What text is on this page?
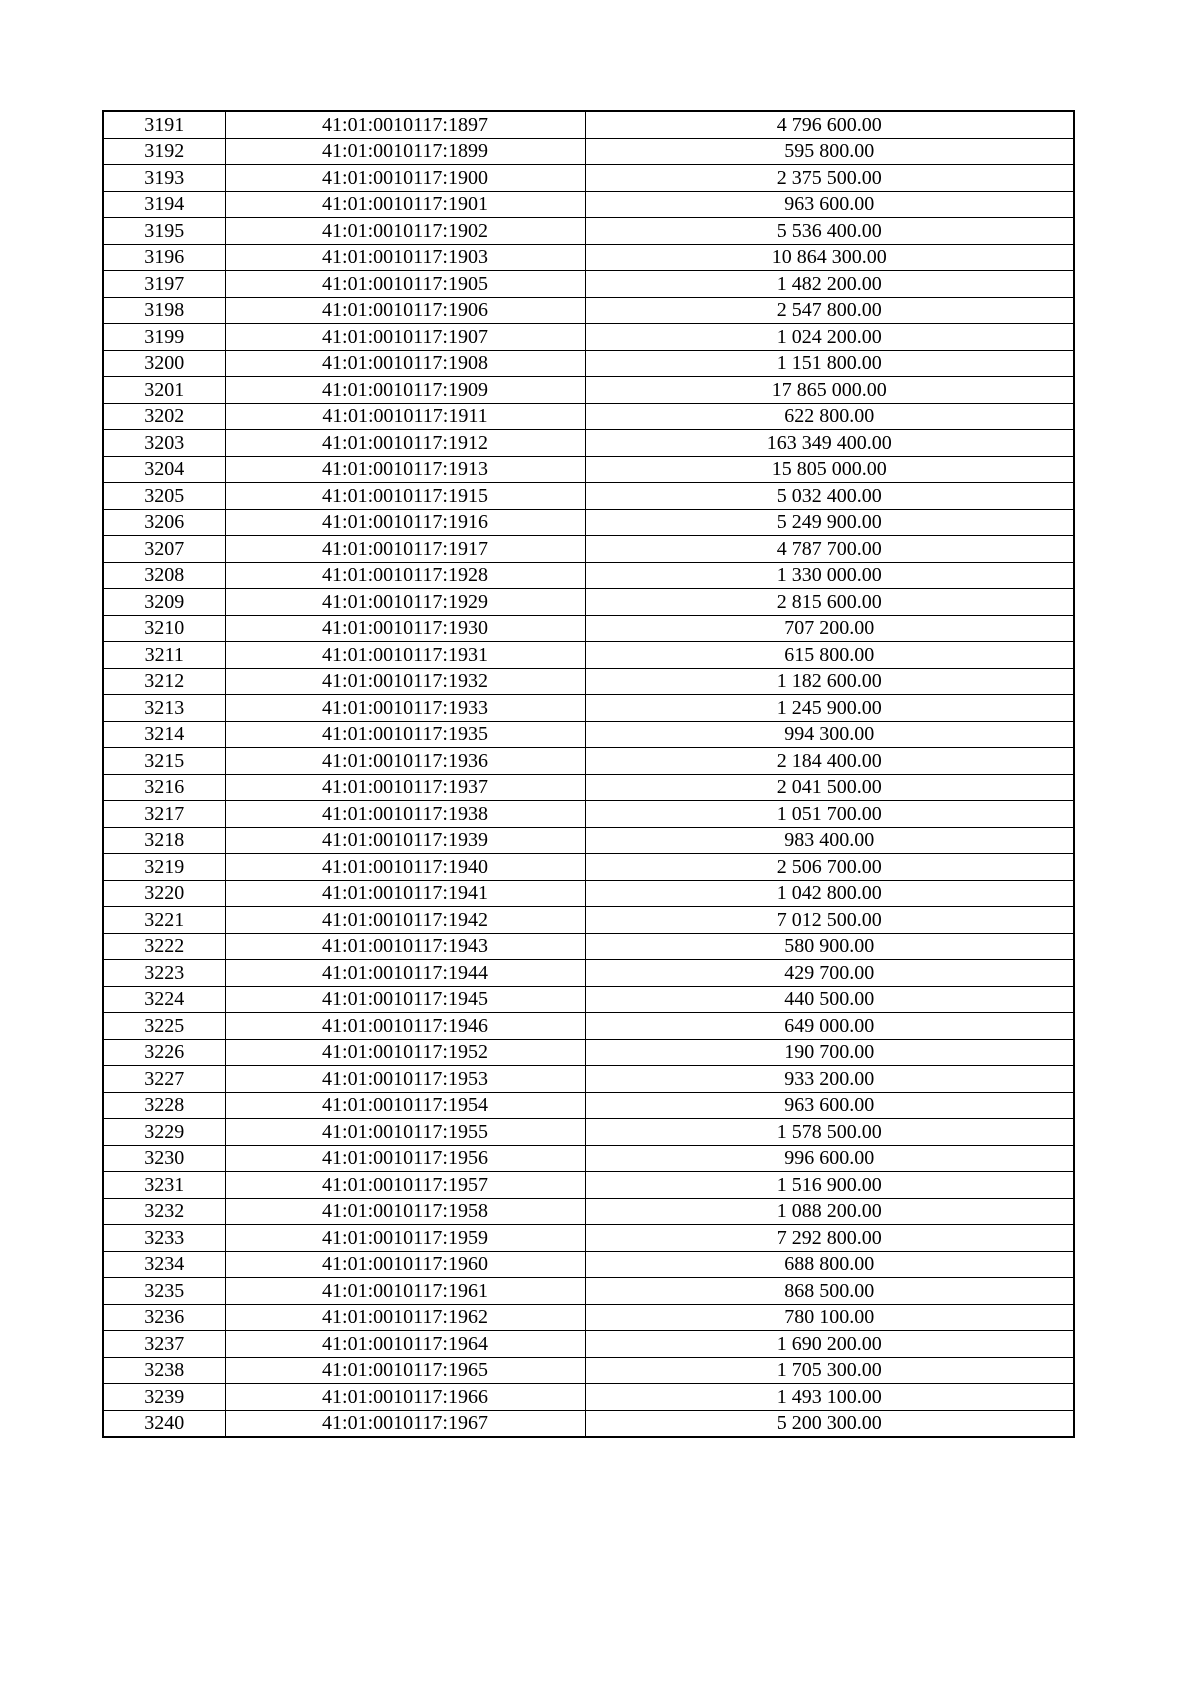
3191	41:01:0010117:1897	4 796 600.00
3192	41:01:0010117:1899	595 800.00
3193	41:01:0010117:1900	2 375 500.00
3194	41:01:0010117:1901	963 600.00
3195	41:01:0010117:1902	5 536 400.00
3196	41:01:0010117:1903	10 864 300.00
3197	41:01:0010117:1905	1 482 200.00
3198	41:01:0010117:1906	2 547 800.00
3199	41:01:0010117:1907	1 024 200.00
3200	41:01:0010117:1908	1 151 800.00
3201	41:01:0010117:1909	17 865 000.00
3202	41:01:0010117:1911	622 800.00
3203	41:01:0010117:1912	163 349 400.00
3204	41:01:0010117:1913	15 805 000.00
3205	41:01:0010117:1915	5 032 400.00
3206	41:01:0010117:1916	5 249 900.00
3207	41:01:0010117:1917	4 787 700.00
3208	41:01:0010117:1928	1 330 000.00
3209	41:01:0010117:1929	2 815 600.00
3210	41:01:0010117:1930	707 200.00
3211	41:01:0010117:1931	615 800.00
3212	41:01:0010117:1932	1 182 600.00
3213	41:01:0010117:1933	1 245 900.00
3214	41:01:0010117:1935	994 300.00
3215	41:01:0010117:1936	2 184 400.00
3216	41:01:0010117:1937	2 041 500.00
3217	41:01:0010117:1938	1 051 700.00
3218	41:01:0010117:1939	983 400.00
3219	41:01:0010117:1940	2 506 700.00
3220	41:01:0010117:1941	1 042 800.00
3221	41:01:0010117:1942	7 012 500.00
3222	41:01:0010117:1943	580 900.00
3223	41:01:0010117:1944	429 700.00
3224	41:01:0010117:1945	440 500.00
3225	41:01:0010117:1946	649 000.00
3226	41:01:0010117:1952	190 700.00
3227	41:01:0010117:1953	933 200.00
3228	41:01:0010117:1954	963 600.00
3229	41:01:0010117:1955	1 578 500.00
3230	41:01:0010117:1956	996 600.00
3231	41:01:0010117:1957	1 516 900.00
3232	41:01:0010117:1958	1 088 200.00
3233	41:01:0010117:1959	7 292 800.00
3234	41:01:0010117:1960	688 800.00
3235	41:01:0010117:1961	868 500.00
3236	41:01:0010117:1962	780 100.00
3237	41:01:0010117:1964	1 690 200.00
3238	41:01:0010117:1965	1 705 300.00
3239	41:01:0010117:1966	1 493 100.00
3240	41:01:0010117:1967	5 200 300.00
